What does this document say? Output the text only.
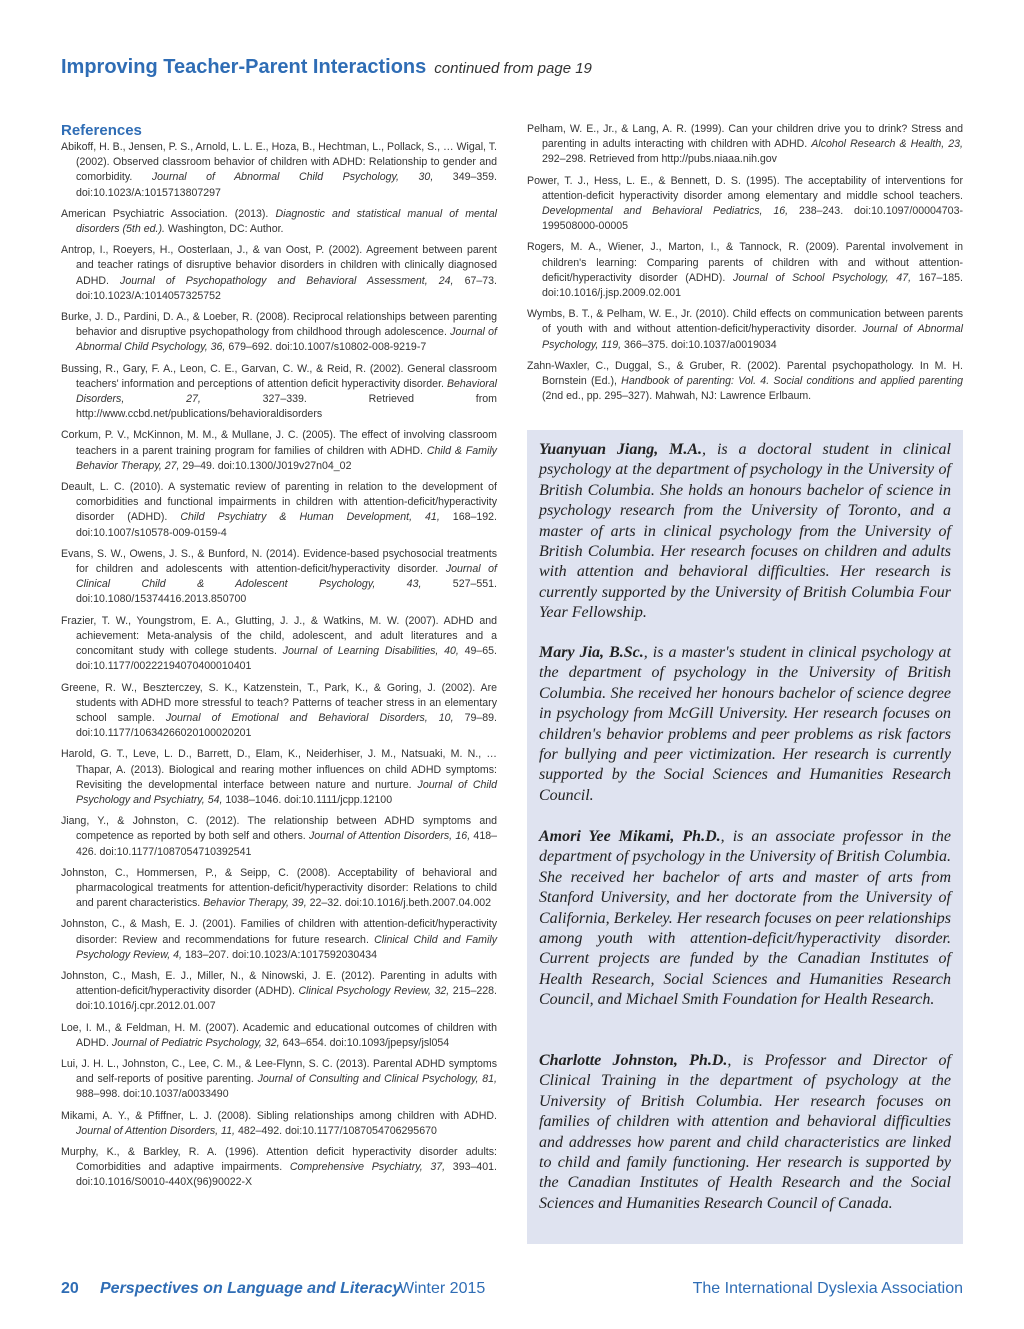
Improving Teacher-Parent Interactions continued from page 19
References

Abikoff, H. B., Jensen, P. S., Arnold, L. L. E., Hoza, B., Hechtman, L., Pollack, S., … Wigal, T. (2002). Observed classroom behavior of children with ADHD: Relationship to gender and comorbidity. Journal of Abnormal Child Psychology, 30, 349–359. doi:10.1023/A:1015713807297

American Psychiatric Association. (2013). Diagnostic and statistical manual of mental disorders (5th ed.). Washington, DC: Author.

Antrop, I., Roeyers, H., Oosterlaan, J., & van Oost, P. (2002). Agreement between parent and teacher ratings of disruptive behavior disorders in children with clinically diagnosed ADHD. Journal of Psychopathology and Behavioral Assessment, 24, 67–73. doi:10.1023/A:1014057325752

Burke, J. D., Pardini, D. A., & Loeber, R. (2008). Reciprocal relationships between parenting behavior and disruptive psychopathology from childhood through adolescence. Journal of Abnormal Child Psychology, 36, 679–692. doi:10.1007/s10802-008-9219-7

Bussing, R., Gary, F. A., Leon, C. E., Garvan, C. W., & Reid, R. (2002). General classroom teachers' information and perceptions of attention deficit hyperactivity disorder. Behavioral Disorders, 27, 327–339. Retrieved from http://www.ccbd.net/publications/behavioraldisorders

Corkum, P. V., McKinnon, M. M., & Mullane, J. C. (2005). The effect of involving classroom teachers in a parent training program for families of children with ADHD. Child & Family Behavior Therapy, 27, 29–49. doi:10.1300/J019v27n04_02

Deault, L. C. (2010). A systematic review of parenting in relation to the development of comorbidities and functional impairments in children with attention-deficit/hyperactivity disorder (ADHD). Child Psychiatry & Human Development, 41, 168–192. doi:10.1007/s10578-009-0159-4

Evans, S. W., Owens, J. S., & Bunford, N. (2014). Evidence-based psychosocial treatments for children and adolescents with attention-deficit/hyperactivity disorder. Journal of Clinical Child & Adolescent Psychology, 43, 527–551. doi:10.1080/15374416.2013.850700

Frazier, T. W., Youngstrom, E. A., Glutting, J. J., & Watkins, M. W. (2007). ADHD and achievement: Meta-analysis of the child, adolescent, and adult literatures and a concomitant study with college students. Journal of Learning Disabilities, 40, 49–65. doi:10.1177/00222194070400010401

Greene, R. W., Beszterczey, S. K., Katzenstein, T., Park, K., & Goring, J. (2002). Are students with ADHD more stressful to teach? Patterns of teacher stress in an elementary school sample. Journal of Emotional and Behavioral Disorders, 10, 79–89. doi:10.1177/10634266020100020201

Harold, G. T., Leve, L. D., Barrett, D., Elam, K., Neiderhiser, J. M., Natsuaki, M. N., … Thapar, A. (2013). Biological and rearing mother influences on child ADHD symptoms: Revisiting the developmental interface between nature and nurture. Journal of Child Psychology and Psychiatry, 54, 1038–1046. doi:10.1111/jcpp.12100

Jiang, Y., & Johnston, C. (2012). The relationship between ADHD symptoms and competence as reported by both self and others. Journal of Attention Disorders, 16, 418–426. doi:10.1177/1087054710392541

Johnston, C., Hommersen, P., & Seipp, C. (2008). Acceptability of behavioral and pharmacological treatments for attention-deficit/hyperactivity disorder: Relations to child and parent characteristics. Behavior Therapy, 39, 22–32. doi:10.1016/j.beth.2007.04.002

Johnston, C., & Mash, E. J. (2001). Families of children with attention-deficit/hyperactivity disorder: Review and recommendations for future research. Clinical Child and Family Psychology Review, 4, 183–207. doi:10.1023/A:1017592030434

Johnston, C., Mash, E. J., Miller, N., & Ninowski, J. E. (2012). Parenting in adults with attention-deficit/hyperactivity disorder (ADHD). Clinical Psychology Review, 32, 215–228. doi:10.1016/j.cpr.2012.01.007

Loe, I. M., & Feldman, H. M. (2007). Academic and educational outcomes of children with ADHD. Journal of Pediatric Psychology, 32, 643–654. doi:10.1093/jpepsy/jsl054

Lui, J. H. L., Johnston, C., Lee, C. M., & Lee-Flynn, S. C. (2013). Parental ADHD symptoms and self-reports of positive parenting. Journal of Consulting and Clinical Psychology, 81, 988–998. doi:10.1037/a0033490

Mikami, A. Y., & Pfiffner, L. J. (2008). Sibling relationships among children with ADHD. Journal of Attention Disorders, 11, 482–492. doi:10.1177/1087054706295670

Murphy, K., & Barkley, R. A. (1996). Attention deficit hyperactivity disorder adults: Comorbidities and adaptive impairments. Comprehensive Psychiatry, 37, 393–401. doi:10.1016/S0010-440X(96)90022-X

Pelham, W. E., Jr., & Lang, A. R. (1999). Can your children drive you to drink? Stress and parenting in adults interacting with children with ADHD. Alcohol Research & Health, 23, 292–298. Retrieved from http://pubs.niaaa.nih.gov

Power, T. J., Hess, L. E., & Bennett, D. S. (1995). The acceptability of interventions for attention-deficit hyperactivity disorder among elementary and middle school teachers. Developmental and Behavioral Pediatrics, 16, 238–243. doi:10.1097/00004703-199508000-00005

Rogers, M. A., Wiener, J., Marton, I., & Tannock, R. (2009). Parental involvement in children's learning: Comparing parents of children with and without attention-deficit/hyperactivity disorder (ADHD). Journal of School Psychology, 47, 167–185. doi:10.1016/j.jsp.2009.02.001

Wymbs, B. T., & Pelham, W. E., Jr. (2010). Child effects on communication between parents of youth with and without attention-deficit/hyperactivity disorder. Journal of Abnormal Psychology, 119, 366–375. doi:10.1037/a0019034

Zahn-Waxler, C., Duggal, S., & Gruber, R. (2002). Parental psychopathology. In M. H. Bornstein (Ed.), Handbook of parenting: Vol. 4. Social conditions and applied parenting (2nd ed., pp. 295–327). Mahwah, NJ: Lawrence Erlbaum.

Yuanyuan Jiang, M.A., is a doctoral student in clinical psychology at the department of psychology in the University of British Columbia. She holds an honours bachelor of science in psychology research from the University of Toronto, and a master of arts in clinical psychology from the University of British Columbia. Her research focuses on children and adults with attention and behavioral difficulties. Her research is currently supported by the University of British Columbia Four Year Fellowship.

Mary Jia, B.Sc., is a master's student in clinical psychology at the department of psychology in the University of British Columbia. She received her honours bachelor of science degree in psychology from McGill University. Her research focuses on children's behavior problems and peer problems as risk factors for bullying and peer victimization. Her research is currently supported by the Social Sciences and Humanities Research Council.

Amori Yee Mikami, Ph.D., is an associate professor in the department of psychology in the University of British Columbia. She received her bachelor of arts and master of arts from Stanford University, and her doctorate from the University of California, Berkeley. Her research focuses on peer relationships among youth with attention-deficit/hyperactivity disorder. Current projects are funded by the Canadian Institutes of Health Research, Social Sciences and Humanities Research Council, and Michael Smith Foundation for Health Research.

Charlotte Johnston, Ph.D., is Professor and Director of Clinical Training in the department of psychology at the University of British Columbia. Her research focuses on families of children with attention and behavioral difficulties and addresses how parent and child characteristics are linked to child and family functioning. Her research is supported by the Canadian Institutes of Health Research and the Social Sciences and Humanities Research Council of Canada.

20 Perspectives on Language and Literacy
Winter 2015	The International Dyslexia Association
